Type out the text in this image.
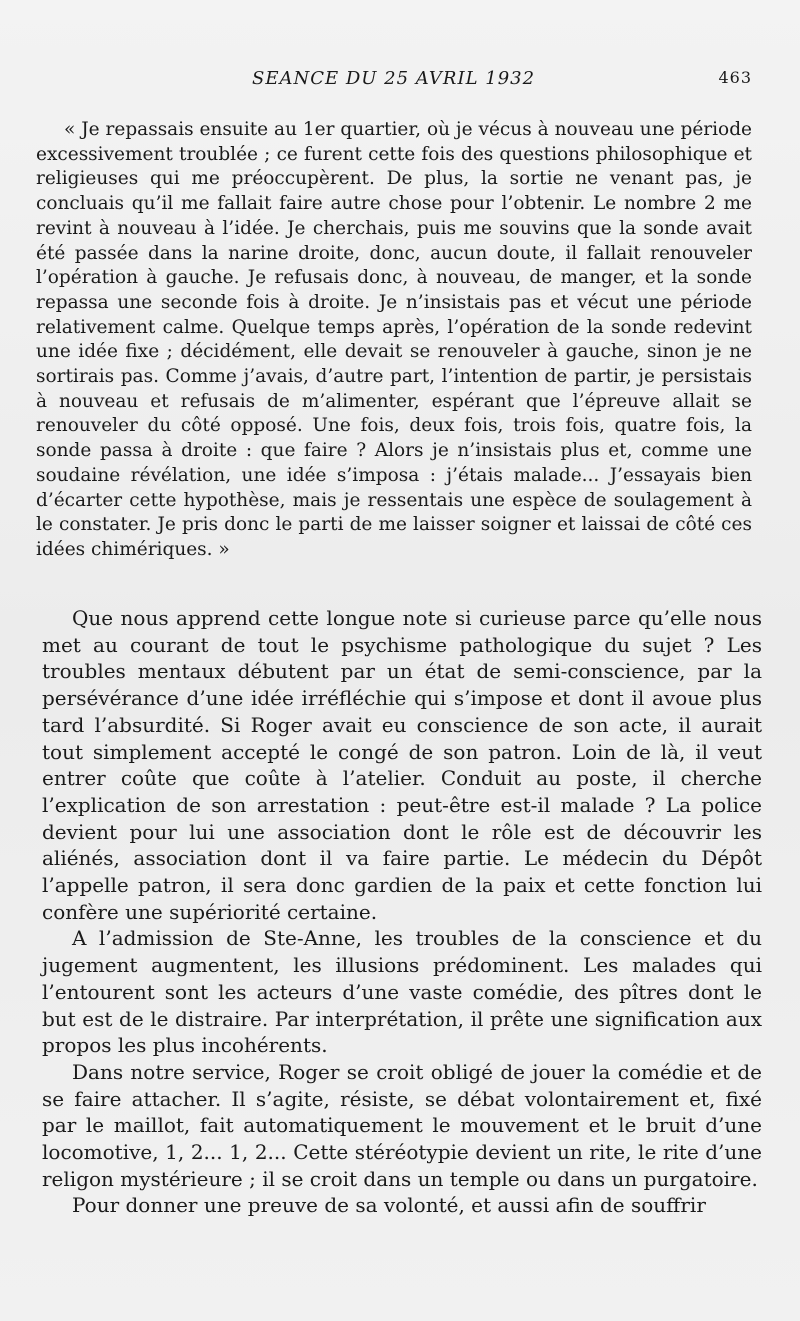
SEANCE DU 25 AVRIL 1932	463

« Je repassais ensuite au 1er quartier, où je vécus à nouveau une période excessivement troublée ; ce furent cette fois des questions philosophique et religieuses qui me préoccupèrent. De plus, la sortie ne venant pas, je concluais qu’il me fallait faire autre chose pour l’obtenir. Le nombre 2 me revint à nouveau à l’idée. Je cherchais, puis me souvins que la sonde avait été passée dans la narine droite, donc, aucun doute, il fallait renouveler l’opération à gauche. Je refusais donc, à nouveau, de manger, et la sonde repassa une seconde fois à droite. Je n’insistais pas et vécut une période relativement calme. Quelque temps après, l’opération de la sonde redevint une idée fixe ; décidément, elle devait se renouveler à gauche, sinon je ne sortirais pas. Comme j’avais, d’autre part, l’intention de partir, je persistais à nouveau et refusais de m’alimenter, espérant que l’épreuve allait se renouveler du côté opposé. Une fois, deux fois, trois fois, quatre fois, la sonde passa à droite : que faire ? Alors je n’insistais plus et, comme une soudaine révélation, une idée s’imposa : j’étais malade... J’essayais bien d’écarter cette hypothèse, mais je ressentais une espèce de soulagement à le constater. Je pris donc le parti de me laisser soigner et laissai de côté ces idées chimériques. »

Que nous apprend cette longue note si curieuse parce qu’elle nous met au courant de tout le psychisme pathologique du sujet ? Les troubles mentaux débutent par un état de semi-conscience, par la persévérance d’une idée irréfléchie qui s’impose et dont il avoue plus tard l’absurdité. Si Roger avait eu conscience de son acte, il aurait tout simplement accepté le congé de son patron. Loin de là, il veut entrer coûte que coûte à l’atelier. Conduit au poste, il cherche l’explication de son arrestation : peut-être est-il malade ? La police devient pour lui une association dont le rôle est de découvrir les aliénés, association dont il va faire partie. Le médecin du Dépôt l’appelle patron, il sera donc gardien de la paix et cette fonction lui confère une supériorité certaine.

A l’admission de Ste-Anne, les troubles de la conscience et du jugement augmentent, les illusions prédominent. Les malades qui l’entourent sont les acteurs d’une vaste comédie, des pîtres dont le but est de le distraire. Par interprétation, il prête une signification aux propos les plus incohérents.

Dans notre service, Roger se croit obligé de jouer la comédie et de se faire attacher. Il s’agite, résiste, se débat volontairement et, fixé par le maillot, fait automatiquement le mouvement et le bruit d’une locomotive, 1, 2... 1, 2... Cette stéréotypie devient un rite, le rite d’une religon mystérieure ; il se croit dans un temple ou dans un purgatoire.

Pour donner une preuve de sa volonté, et aussi afin de souffrir
